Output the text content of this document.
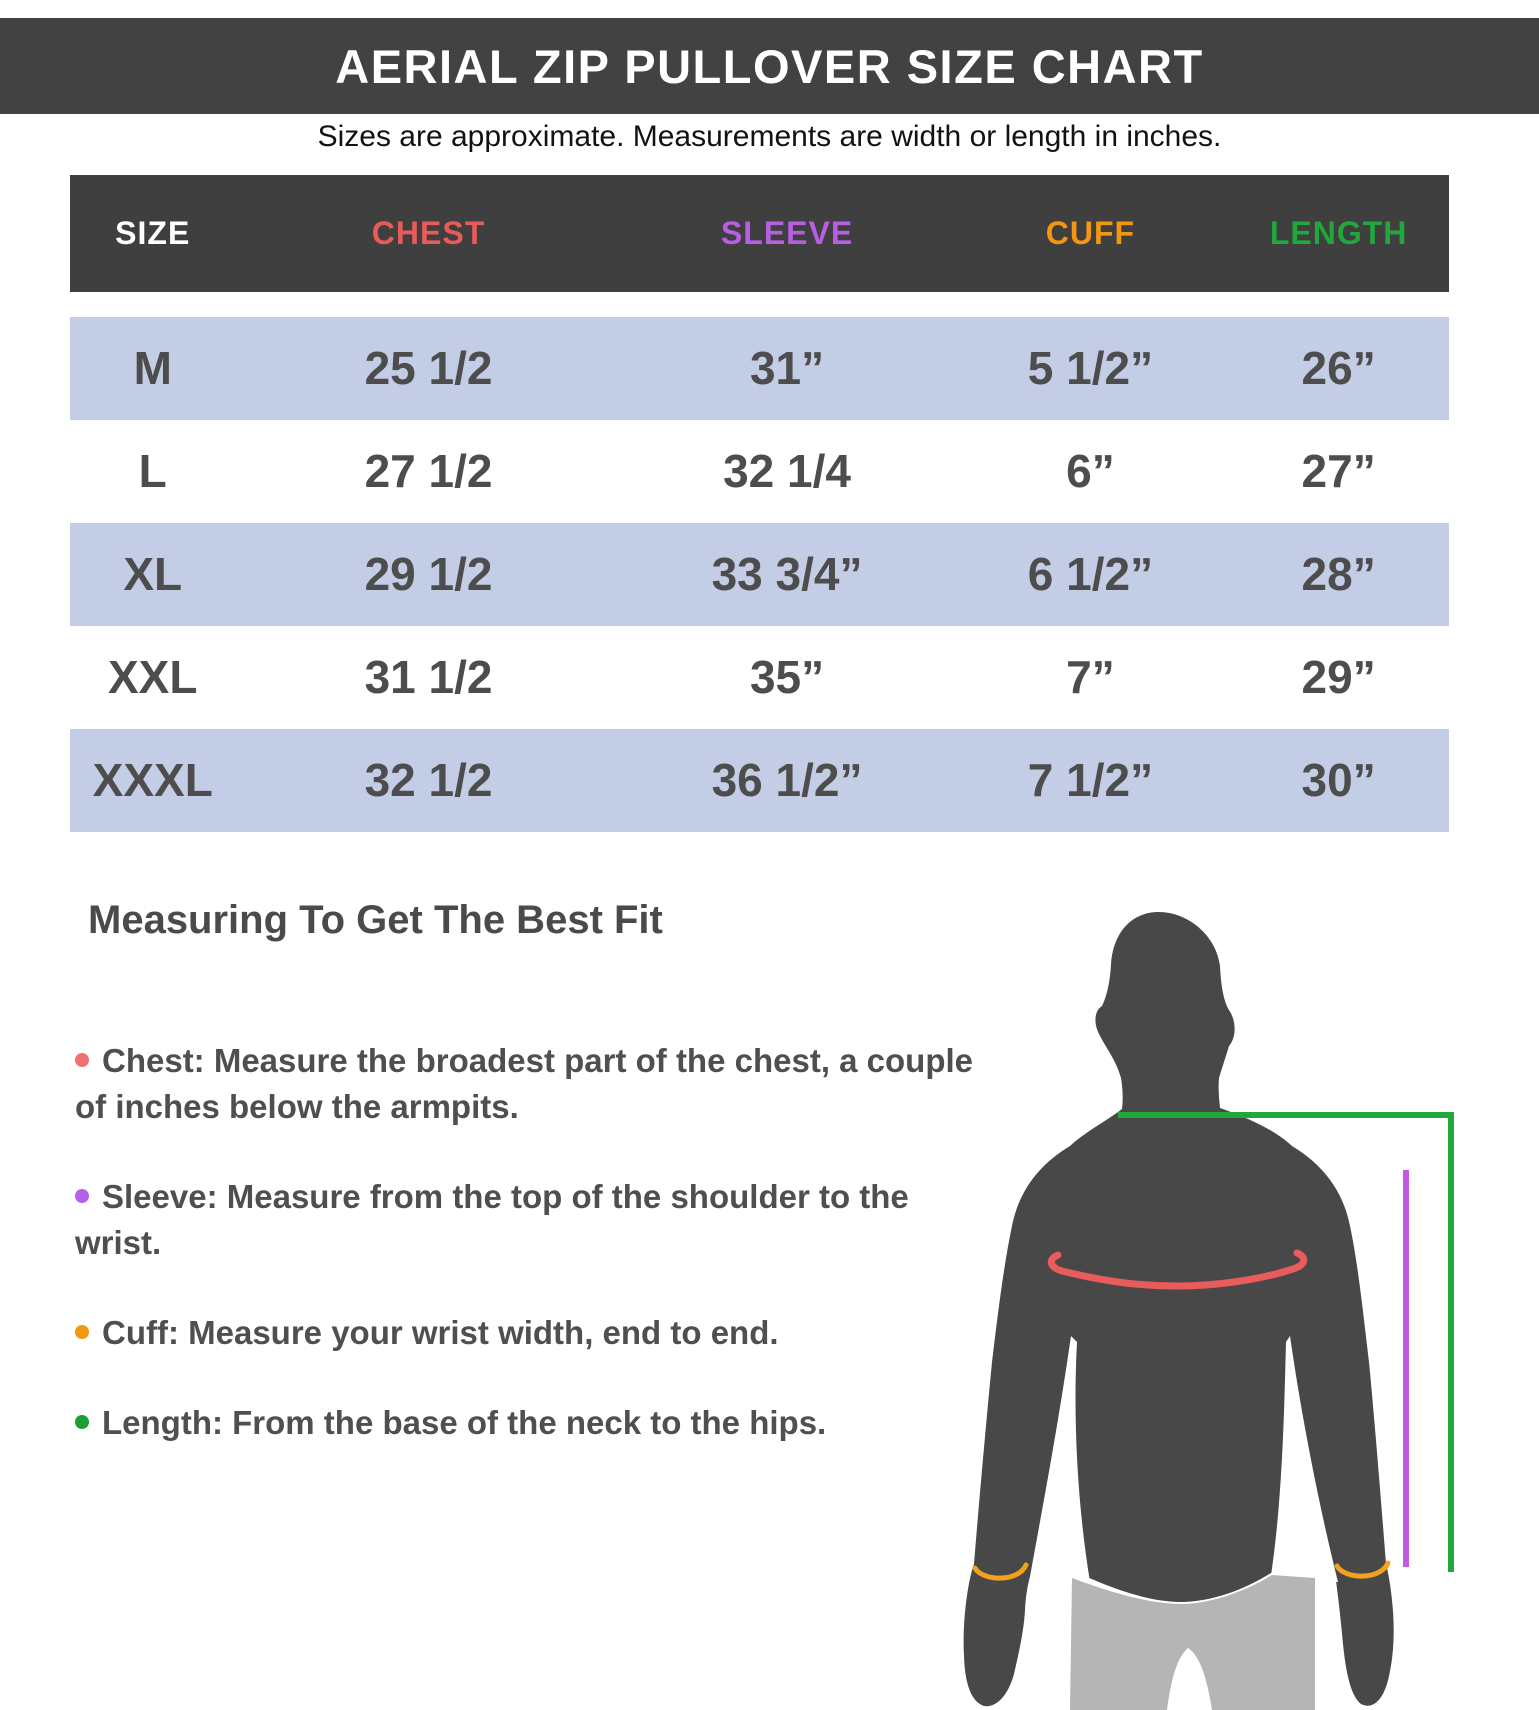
AERIAL ZIP PULLOVER SIZE CHART
Sizes are approximate. Measurements are width or length in inches.
SIZE	CHEST	SLEEVE	CUFF	LENGTH
M	25 1/2	31”	5 1/2”	26”
L	27 1/2	32 1/4	6”	27”
XL	29 1/2	33 3/4”	6 1/2”	28”
XXL	31 1/2	35”	7”	29”
XXXL	32 1/2	36 1/2”	7 1/2”	30”
Measuring To Get The Best Fit

Chest: Measure the broadest part of the chest, a couple of inches below the armpits.

Sleeve: Measure from the top of the shoulder to the wrist.

Cuff: Measure your wrist width, end to end.

Length: From the base of the neck to the hips.
